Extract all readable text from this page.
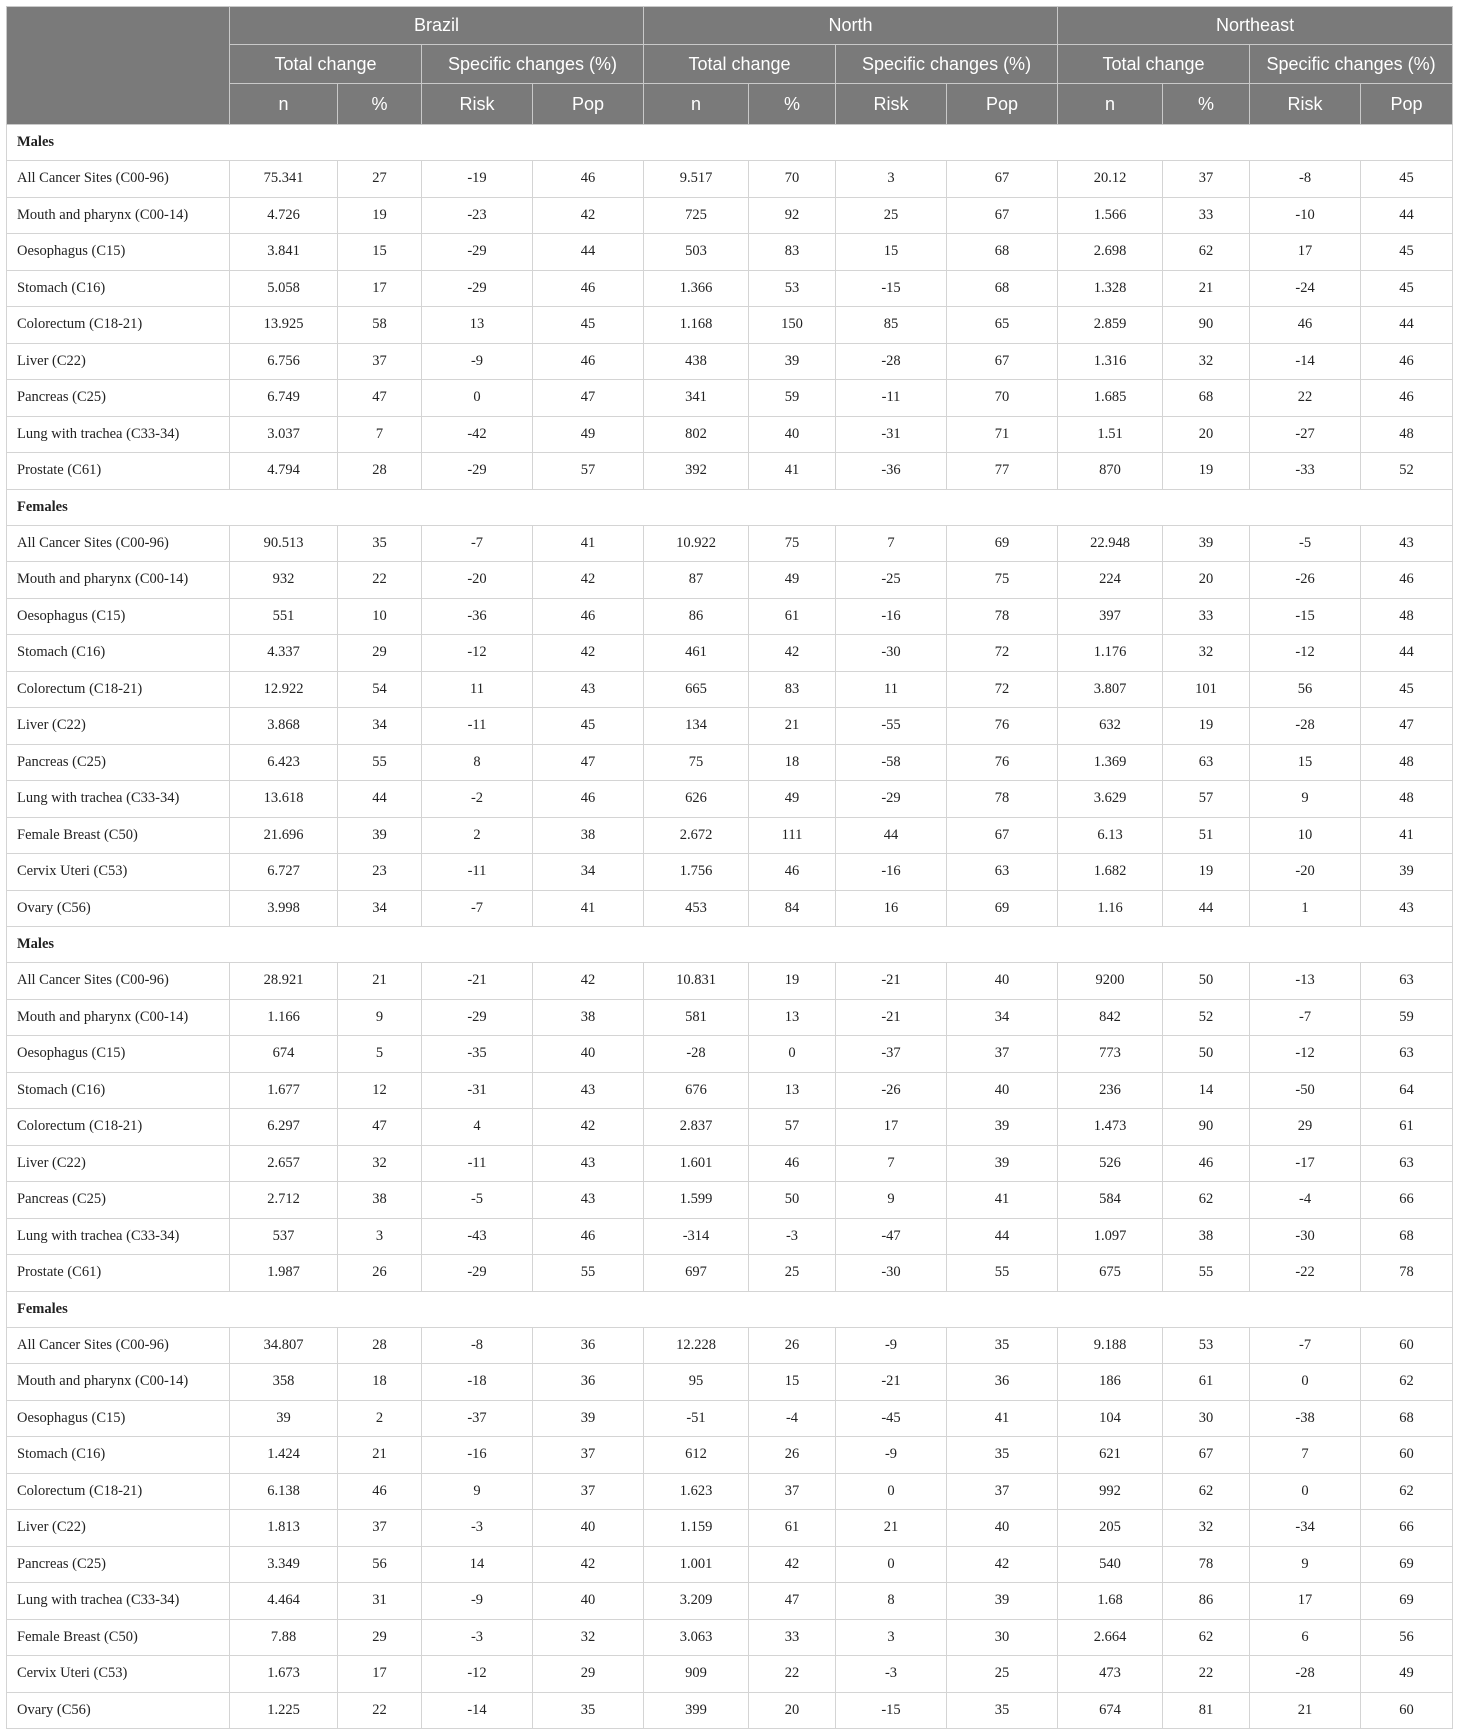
	Brazil				North				Northeast			
	Total change		Specific changes (%)		Total change		Specific changes (%)		Total change		Specific changes (%)	
	n	%	Risk	Pop	n	%	Risk	Pop	n	%	Risk	Pop
Males												
All Cancer Sites (C00-96)	75.341	27	-19	46	9.517	70	3	67	20.12	37	-8	45
Mouth and pharynx (C00-14)	4.726	19	-23	42	725	92	25	67	1.566	33	-10	44
Oesophagus (C15)	3.841	15	-29	44	503	83	15	68	2.698	62	17	45
Stomach (C16)	5.058	17	-29	46	1.366	53	-15	68	1.328	21	-24	45
Colorectum (C18-21)	13.925	58	13	45	1.168	150	85	65	2.859	90	46	44
Liver (C22)	6.756	37	-9	46	438	39	-28	67	1.316	32	-14	46
Pancreas (C25)	6.749	47	0	47	341	59	-11	70	1.685	68	22	46
Lung with trachea (C33-34)	3.037	7	-42	49	802	40	-31	71	1.51	20	-27	48
Prostate (C61)	4.794	28	-29	57	392	41	-36	77	870	19	-33	52
Females												
All Cancer Sites (C00-96)	90.513	35	-7	41	10.922	75	7	69	22.948	39	-5	43
Mouth and pharynx (C00-14)	932	22	-20	42	87	49	-25	75	224	20	-26	46
Oesophagus (C15)	551	10	-36	46	86	61	-16	78	397	33	-15	48
Stomach (C16)	4.337	29	-12	42	461	42	-30	72	1.176	32	-12	44
Colorectum (C18-21)	12.922	54	11	43	665	83	11	72	3.807	101	56	45
Liver (C22)	3.868	34	-11	45	134	21	-55	76	632	19	-28	47
Pancreas (C25)	6.423	55	8	47	75	18	-58	76	1.369	63	15	48
Lung with trachea (C33-34)	13.618	44	-2	46	626	49	-29	78	3.629	57	9	48
Female Breast (C50)	21.696	39	2	38	2.672	111	44	67	6.13	51	10	41
Cervix Uteri (C53)	6.727	23	-11	34	1.756	46	-16	63	1.682	19	-20	39
Ovary (C56)	3.998	34	-7	41	453	84	16	69	1.16	44	1	43
Males												
All Cancer Sites (C00-96)	28.921	21	-21	42	10.831	19	-21	40	9200	50	-13	63
Mouth and pharynx (C00-14)	1.166	9	-29	38	581	13	-21	34	842	52	-7	59
Oesophagus (C15)	674	5	-35	40	-28	0	-37	37	773	50	-12	63
Stomach (C16)	1.677	12	-31	43	676	13	-26	40	236	14	-50	64
Colorectum (C18-21)	6.297	47	4	42	2.837	57	17	39	1.473	90	29	61
Liver (C22)	2.657	32	-11	43	1.601	46	7	39	526	46	-17	63
Pancreas (C25)	2.712	38	-5	43	1.599	50	9	41	584	62	-4	66
Lung with trachea (C33-34)	537	3	-43	46	-314	-3	-47	44	1.097	38	-30	68
Prostate (C61)	1.987	26	-29	55	697	25	-30	55	675	55	-22	78
Females												
All Cancer Sites (C00-96)	34.807	28	-8	36	12.228	26	-9	35	9.188	53	-7	60
Mouth and pharynx (C00-14)	358	18	-18	36	95	15	-21	36	186	61	0	62
Oesophagus (C15)	39	2	-37	39	-51	-4	-45	41	104	30	-38	68
Stomach (C16)	1.424	21	-16	37	612	26	-9	35	621	67	7	60
Colorectum (C18-21)	6.138	46	9	37	1.623	37	0	37	992	62	0	62
Liver (C22)	1.813	37	-3	40	1.159	61	21	40	205	32	-34	66
Pancreas (C25)	3.349	56	14	42	1.001	42	0	42	540	78	9	69
Lung with trachea (C33-34)	4.464	31	-9	40	3.209	47	8	39	1.68	86	17	69
Female Breast (C50)	7.88	29	-3	32	3.063	33	3	30	2.664	62	6	56
Cervix Uteri (C53)	1.673	17	-12	29	909	22	-3	25	473	22	-28	49
Ovary (C56)	1.225	22	-14	35	399	20	-15	35	674	81	21	60
